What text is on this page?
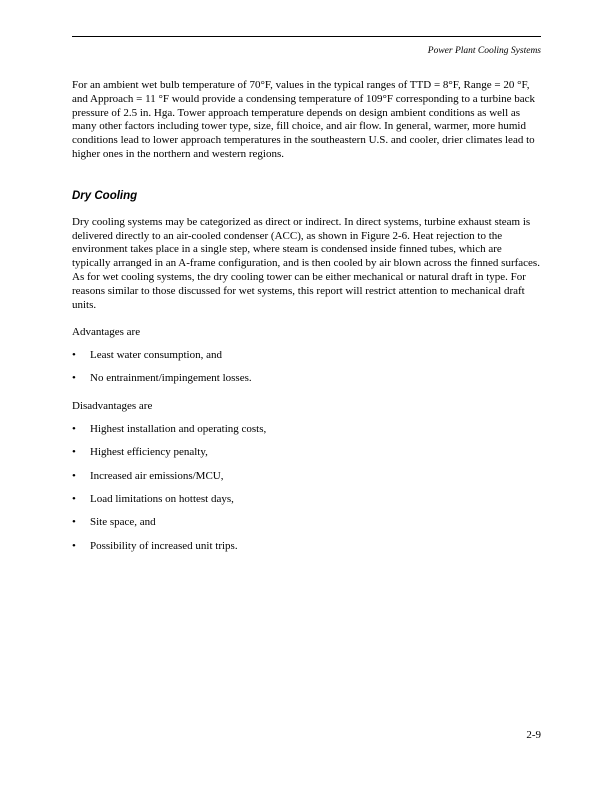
Power Plant Cooling Systems

For an ambient wet bulb temperature of 70°F, values in the typical ranges of TTD = 8°F, Range = 20 °F, and Approach = 11 °F would provide a condensing temperature of 109°F corresponding to a turbine back pressure of 2.5 in. Hga. Tower approach temperature depends on design ambient conditions as well as many other factors including tower type, size, fill choice, and air flow. In general, warmer, more humid conditions lead to lower approach temperatures in the southeastern U.S. and cooler, drier climates lead to higher ones in the northern and western regions.

Dry Cooling

Dry cooling systems may be categorized as direct or indirect. In direct systems, turbine exhaust steam is delivered directly to an air-cooled condenser (ACC), as shown in Figure 2-6. Heat rejection to the environment takes place in a single step, where steam is condensed inside finned tubes, which are typically arranged in an A-frame configuration, and is then cooled by air blown across the finned surfaces. As for wet cooling systems, the dry cooling tower can be either mechanical or natural draft in type. For reasons similar to those discussed for wet systems, this report will restrict attention to mechanical draft units.

Advantages are
•	Least water consumption, and
•	No entrainment/impingement losses.
Disadvantages are
•	Highest installation and operating costs,
•	Highest efficiency penalty,
•	Increased air emissions/MCU,
•	Load limitations on hottest days,
•	Site space, and
•	Possibility of increased unit trips.
2-9
